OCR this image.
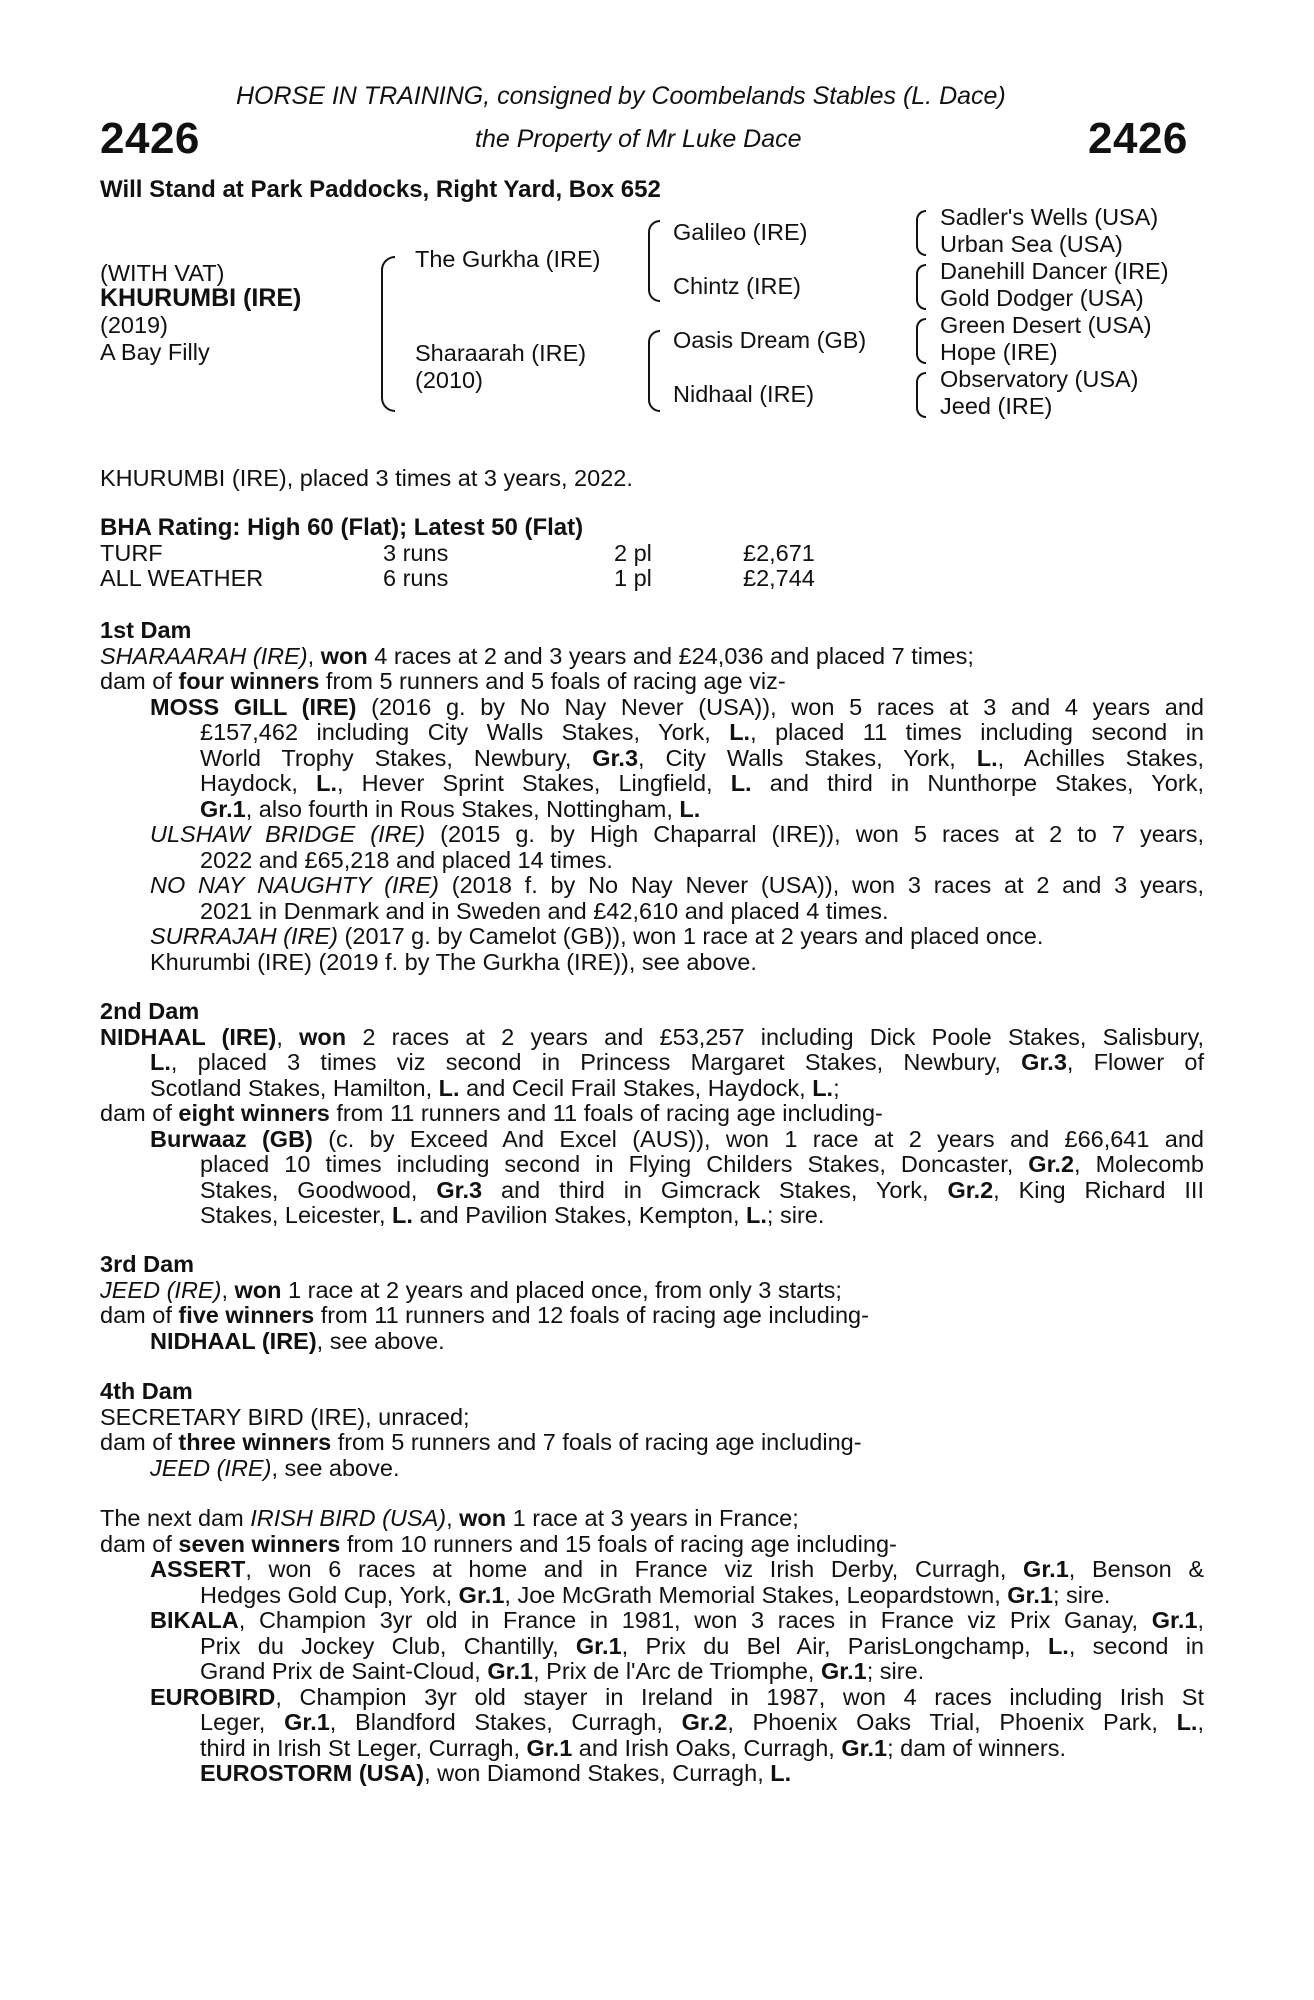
HORSE IN TRAINING, consigned by Coombelands Stables (L. Dace)
2426	the Property of Mr Luke Dace	2426
Will Stand at Park Paddocks, Right Yard, Box 652
(WITH VAT)
KHURUMBI (IRE)
(2019)
A Bay Filly
The Gurkha (IRE)
Sharaarah (IRE)
(2010)
Galileo (IRE)
Chintz (IRE)
Oasis Dream (GB)
Nidhaal (IRE)
Sadler's Wells (USA)
Urban Sea (USA)
Danehill Dancer (IRE)
Gold Dodger (USA)
Green Desert (USA)
Hope (IRE)
Observatory (USA)
Jeed (IRE)
KHURUMBI (IRE), placed 3 times at 3 years, 2022.
BHA Rating: High 60 (Flat); Latest 50 (Flat)
TURF	3 runs	2 pl	£2,671
ALL WEATHER	6 runs	1 pl	£2,744
1st Dam
SHARAARAH (IRE), won 4 races at 2 and 3 years and £24,036 and placed 7 times;
dam of four winners from 5 runners and 5 foals of racing age viz-
MOSS GILL (IRE) (2016 g. by No Nay Never (USA)), won 5 races at 3 and 4 years and
£157,462 including City Walls Stakes, York, L., placed 11 times including second in
World Trophy Stakes, Newbury, Gr.3, City Walls Stakes, York, L., Achilles Stakes,
Haydock, L., Hever Sprint Stakes, Lingfield, L. and third in Nunthorpe Stakes, York,
Gr.1, also fourth in Rous Stakes, Nottingham, L.
ULSHAW BRIDGE (IRE) (2015 g. by High Chaparral (IRE)), won 5 races at 2 to 7 years,
2022 and £65,218 and placed 14 times.
NO NAY NAUGHTY (IRE) (2018 f. by No Nay Never (USA)), won 3 races at 2 and 3 years,
2021 in Denmark and in Sweden and £42,610 and placed 4 times.
SURRAJAH (IRE) (2017 g. by Camelot (GB)), won 1 race at 2 years and placed once.
Khurumbi (IRE) (2019 f. by The Gurkha (IRE)), see above.
2nd Dam
NIDHAAL (IRE), won 2 races at 2 years and £53,257 including Dick Poole Stakes, Salisbury,
L., placed 3 times viz second in Princess Margaret Stakes, Newbury, Gr.3, Flower of
Scotland Stakes, Hamilton, L. and Cecil Frail Stakes, Haydock, L.;
dam of eight winners from 11 runners and 11 foals of racing age including-
Burwaaz (GB) (c. by Exceed And Excel (AUS)), won 1 race at 2 years and £66,641 and
placed 10 times including second in Flying Childers Stakes, Doncaster, Gr.2, Molecomb
Stakes, Goodwood, Gr.3 and third in Gimcrack Stakes, York, Gr.2, King Richard III
Stakes, Leicester, L. and Pavilion Stakes, Kempton, L.; sire.
3rd Dam
JEED (IRE), won 1 race at 2 years and placed once, from only 3 starts;
dam of five winners from 11 runners and 12 foals of racing age including-
NIDHAAL (IRE), see above.
4th Dam
SECRETARY BIRD (IRE), unraced;
dam of three winners from 5 runners and 7 foals of racing age including-
JEED (IRE), see above.
The next dam IRISH BIRD (USA), won 1 race at 3 years in France;
dam of seven winners from 10 runners and 15 foals of racing age including-
ASSERT, won 6 races at home and in France viz Irish Derby, Curragh, Gr.1, Benson &
Hedges Gold Cup, York, Gr.1, Joe McGrath Memorial Stakes, Leopardstown, Gr.1; sire.
BIKALA, Champion 3yr old in France in 1981, won 3 races in France viz Prix Ganay, Gr.1,
Prix du Jockey Club, Chantilly, Gr.1, Prix du Bel Air, ParisLongchamp, L., second in
Grand Prix de Saint-Cloud, Gr.1, Prix de l'Arc de Triomphe, Gr.1; sire.
EUROBIRD, Champion 3yr old stayer in Ireland in 1987, won 4 races including Irish St
Leger, Gr.1, Blandford Stakes, Curragh, Gr.2, Phoenix Oaks Trial, Phoenix Park, L.,
third in Irish St Leger, Curragh, Gr.1 and Irish Oaks, Curragh, Gr.1; dam of winners.
EUROSTORM (USA), won Diamond Stakes, Curragh, L.
